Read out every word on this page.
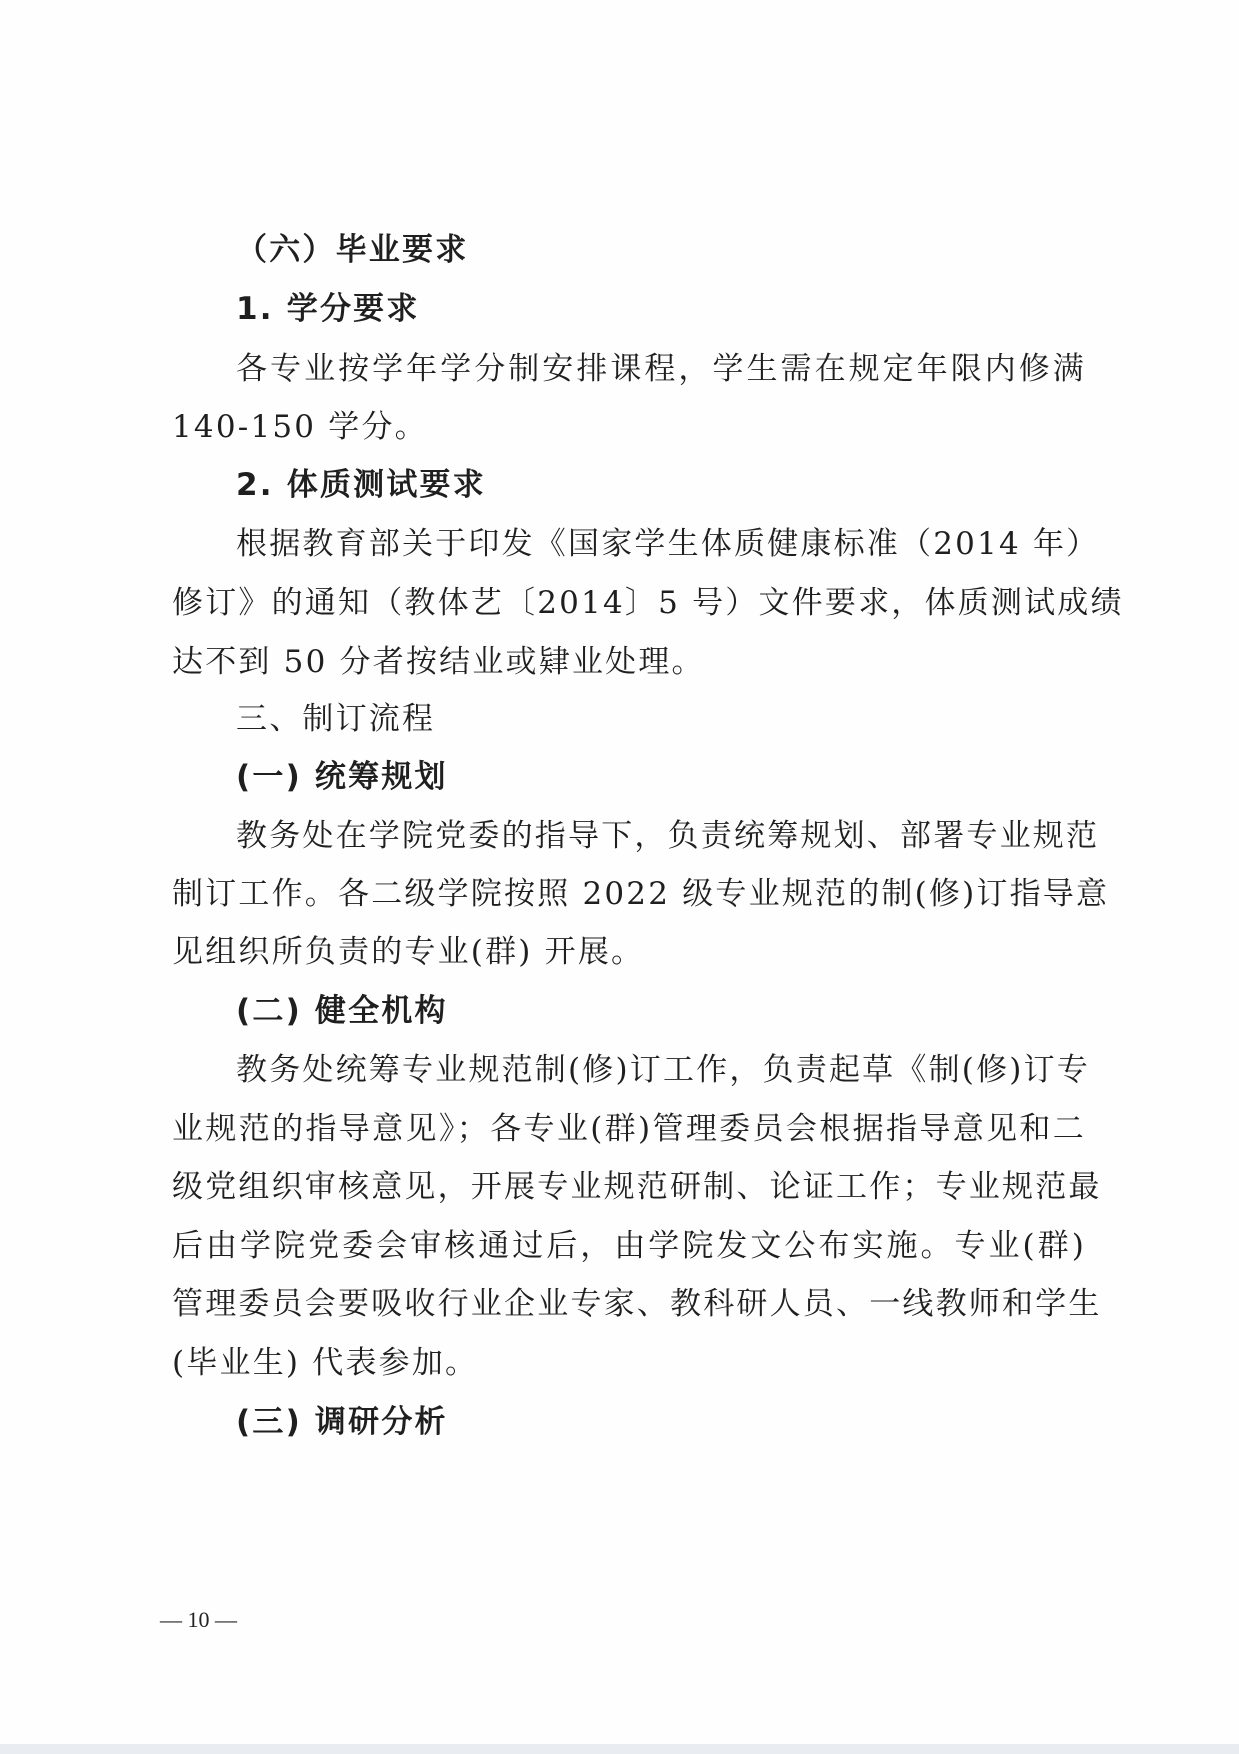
（六）毕业要求
1. 学分要求
各专业按学年学分制安排课程，学生需在规定年限内修满
140-150 学分。
2. 体质测试要求
根据教育部关于印发《国家学生体质健康标准（2014 年）
修订》的通知（教体艺〔2014〕5 号）文件要求，体质测试成绩
达不到 50 分者按结业或肄业处理。
三、制订流程
(一) 统筹规划
教务处在学院党委的指导下，负责统筹规划、部署专业规范
制订工作。各二级学院按照 2022 级专业规范的制(修)订指导意
见组织所负责的专业(群) 开展。
(二) 健全机构
教务处统筹专业规范制(修)订工作，负责起草《制(修)订专
业规范的指导意见》；各专业(群)管理委员会根据指导意见和二
级党组织审核意见，开展专业规范研制、论证工作；专业规范最
后由学院党委会审核通过后，由学院发文公布实施。专业(群)
管理委员会要吸收行业企业专家、教科研人员、一线教师和学生
(毕业生) 代表参加。
(三) 调研分析
— 10 —
